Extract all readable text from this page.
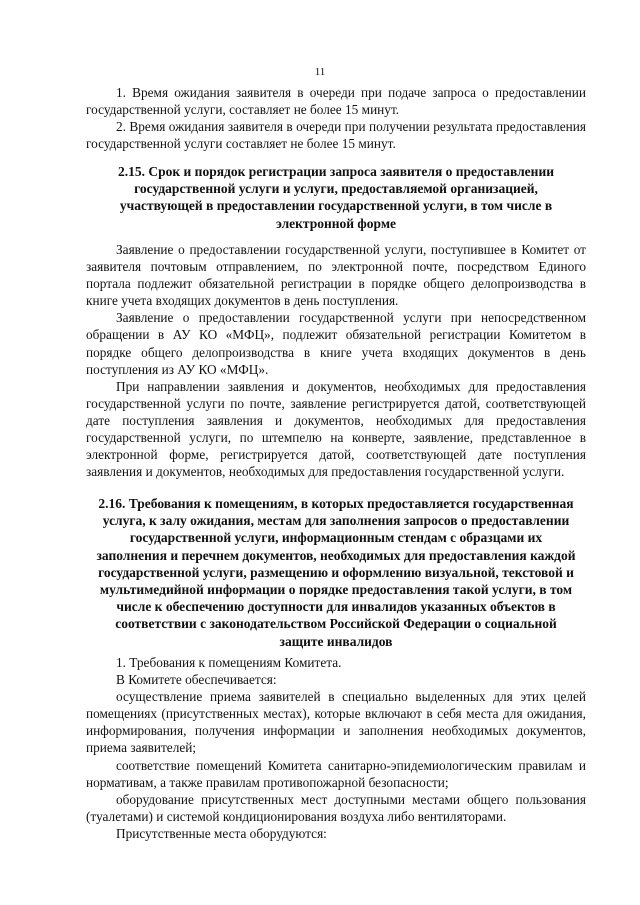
11

1. Время ожидания заявителя в очереди при подаче запроса о предоставлении государственной услуги, составляет не более 15 минут.

2. Время ожидания заявителя в очереди при получении результата предоставления государственной услуги составляет не более 15 минут.

2.15. Срок и порядок регистрации запроса заявителя о предоставлении государственной услуги и услуги, предоставляемой организацией, участвующей в предоставлении государственной услуги, в том числе в электронной форме

Заявление о предоставлении государственной услуги, поступившее в Комитет от заявителя почтовым отправлением, по электронной почте, посредством Единого портала подлежит обязательной регистрации в порядке общего делопроизводства в книге учета входящих документов в день поступления.

Заявление о предоставлении государственной услуги при непосредственном обращении в АУ КО «МФЦ», подлежит обязательной регистрации Комитетом в порядке общего делопроизводства в книге учета входящих документов в день поступления из АУ КО «МФЦ».

При направлении заявления и документов, необходимых для предоставления государственной услуги по почте, заявление регистрируется датой, соответствующей дате поступления заявления и документов, необходимых для предоставления государственной услуги, по штемпелю на конверте, заявление, представленное в электронной форме, регистрируется датой, соответствующей дате поступления заявления и документов, необходимых для предоставления государственной услуги.

2.16. Требования к помещениям, в которых предоставляется государственная услуга, к залу ожидания, местам для заполнения запросов о предоставлении государственной услуги, информационным стендам с образцами их заполнения и перечнем документов, необходимых для предоставления каждой государственной услуги, размещению и оформлению визуальной, текстовой и мультимедийной информации о порядке предоставления такой услуги, в том числе к обеспечению доступности для инвалидов указанных объектов в соответствии с законодательством Российской Федерации о социальной защите инвалидов

1. Требования к помещениям Комитета.

В Комитете обеспечивается:

осуществление приема заявителей в специально выделенных для этих целей помещениях (присутственных местах), которые включают в себя места для ожидания, информирования, получения информации и заполнения необходимых документов, приема заявителей;

соответствие помещений Комитета санитарно-эпидемиологическим правилам и нормативам, а также правилам противопожарной безопасности;

оборудование присутственных мест доступными местами общего пользования (туалетами) и системой кондиционирования воздуха либо вентиляторами.

Присутственные места оборудуются:
